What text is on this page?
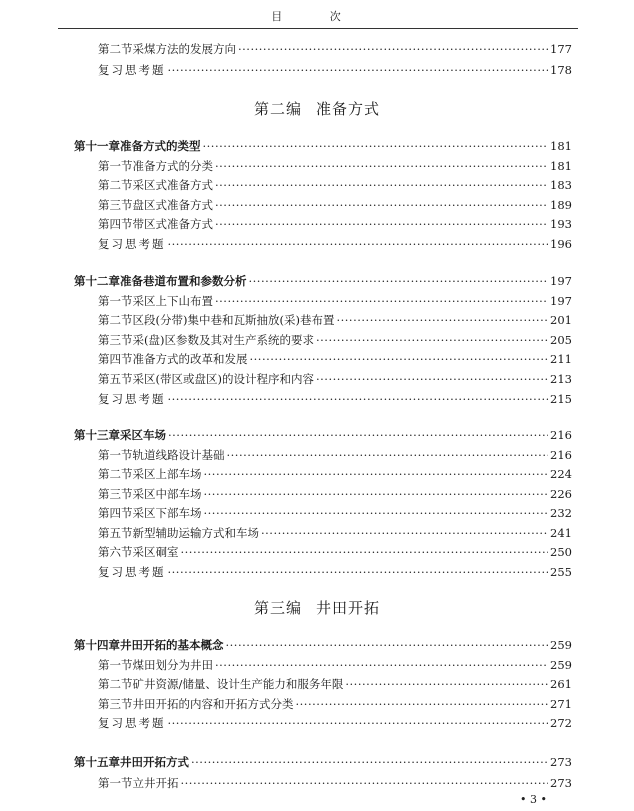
目 次
第二节 采煤方法的发展方向 ·····	177
复习思考题 ·····	178
第十一章 准备方式的类型 ·····	181
第一节 准备方式的分类 ·····	181
第二节 采区式准备方式 ·····	183
第三节 盘区式准备方式 ·····	189
第四节 带区式准备方式 ·····	193
复习思考题 ·····	196
第十二章 准备巷道布置和参数分析 ·····	197
第一节 采区上下山布置 ·····	197
第二节 区段(分带)集中巷和瓦斯抽放(采)巷布置 ·····	201
第三节 采(盘)区参数及其对生产系统的要求 ·····	205
第四节 准备方式的改革和发展 ·····	211
第五节 采区(带区或盘区)的设计程序和内容 ·····	213
复习思考题 ·····	215
第十三章 采区车场 ·····	216
第一节 轨道线路设计基础 ·····	216
第二节 采区上部车场 ·····	224
第三节 采区中部车场 ·····	226
第四节 采区下部车场 ·····	232
第五节 新型辅助运输方式和车场 ·····	241
第六节 采区硐室 ·····	250
复习思考题 ·····	255
第十四章 井田开拓的基本概念 ·····	259
第一节 煤田划分为井田 ·····	259
第二节 矿井资源/储量、设计生产能力和服务年限 ·····	261
第三节 井田开拓的内容和开拓方式分类 ·····	271
复习思考题 ·····	272
第十五章 井田开拓方式 ·····	273
第一节 立井开拓 ·····	273
第二编 准备方式
第三编 井田开拓
• 3 •
